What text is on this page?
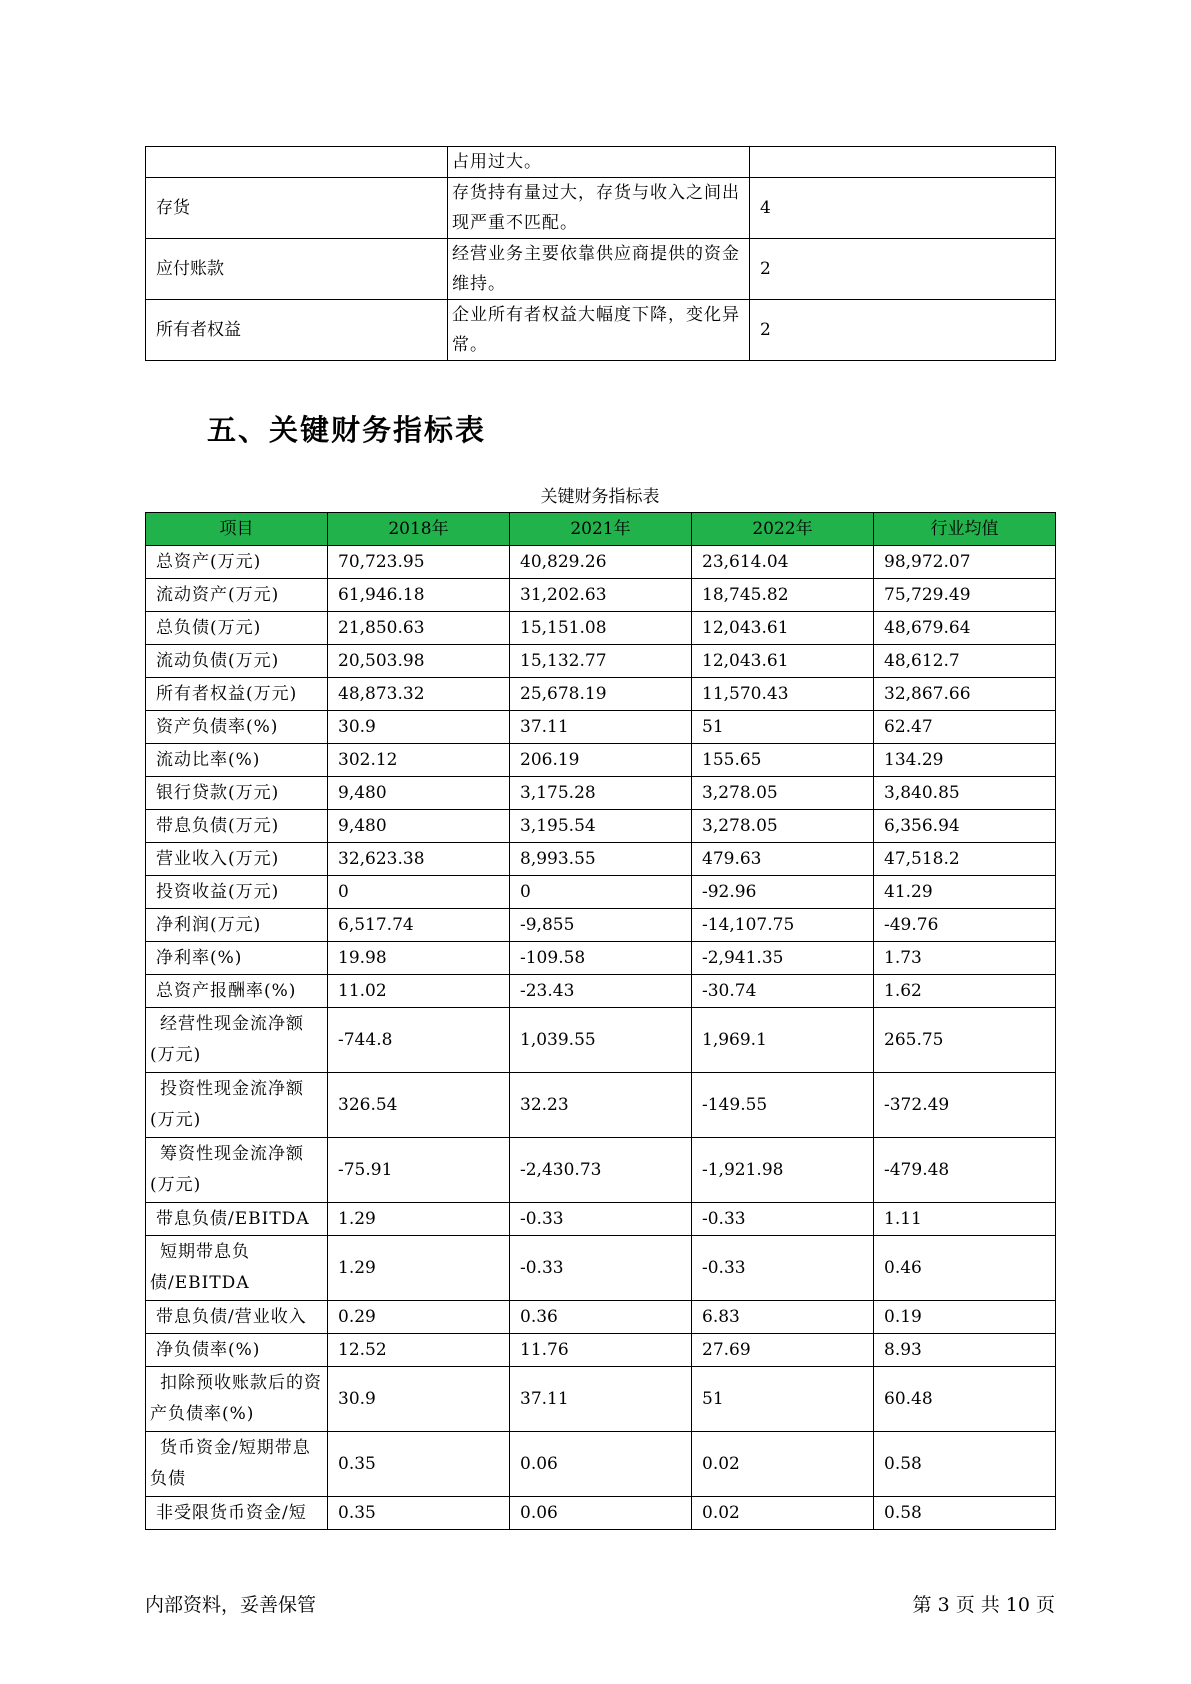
	占用过大。	
存货	存货持有量过大，存货与收入之间出现严重不匹配。	4
应付账款	经营业务主要依靠供应商提供的资金维持。	2
所有者权益	企业所有者权益大幅度下降，变化异常。	2
五、关键财务指标表
关键财务指标表
项目	2018年	2021年	2022年	行业均值
总资产(万元)	70,723.95	40,829.26	23,614.04	98,972.07
流动资产(万元)	61,946.18	31,202.63	18,745.82	75,729.49
总负债(万元)	21,850.63	15,151.08	12,043.61	48,679.64
流动负债(万元)	20,503.98	15,132.77	12,043.61	48,612.7
所有者权益(万元)	48,873.32	25,678.19	11,570.43	32,867.66
资产负债率(%)	30.9	37.11	51	62.47
流动比率(%)	302.12	206.19	155.65	134.29
银行贷款(万元)	9,480	3,175.28	3,278.05	3,840.85
带息负债(万元)	9,480	3,195.54	3,278.05	6,356.94
营业收入(万元)	32,623.38	8,993.55	479.63	47,518.2
投资收益(万元)	0	0	-92.96	41.29
净利润(万元)	6,517.74	-9,855	-14,107.75	-49.76
净利率(%)	19.98	-109.58	-2,941.35	1.73
总资产报酬率(%)	11.02	-23.43	-30.74	1.62
经营性现金流净额(万元)	-744.8	1,039.55	1,969.1	265.75
投资性现金流净额(万元)	326.54	32.23	-149.55	-372.49
筹资性现金流净额(万元)	-75.91	-2,430.73	-1,921.98	-479.48
带息负债/EBITDA	1.29	-0.33	-0.33	1.11
短期带息负债/EBITDA	1.29	-0.33	-0.33	0.46
带息负债/营业收入	0.29	0.36	6.83	0.19
净负债率(%)	12.52	11.76	27.69	8.93
扣除预收账款后的资产负债率(%)	30.9	37.11	51	60.48
货币资金/短期带息负债	0.35	0.06	0.02	0.58
非受限货币资金/短	0.35	0.06	0.02	0.58
内部资料，妥善保管	第 3 页 共 10 页
